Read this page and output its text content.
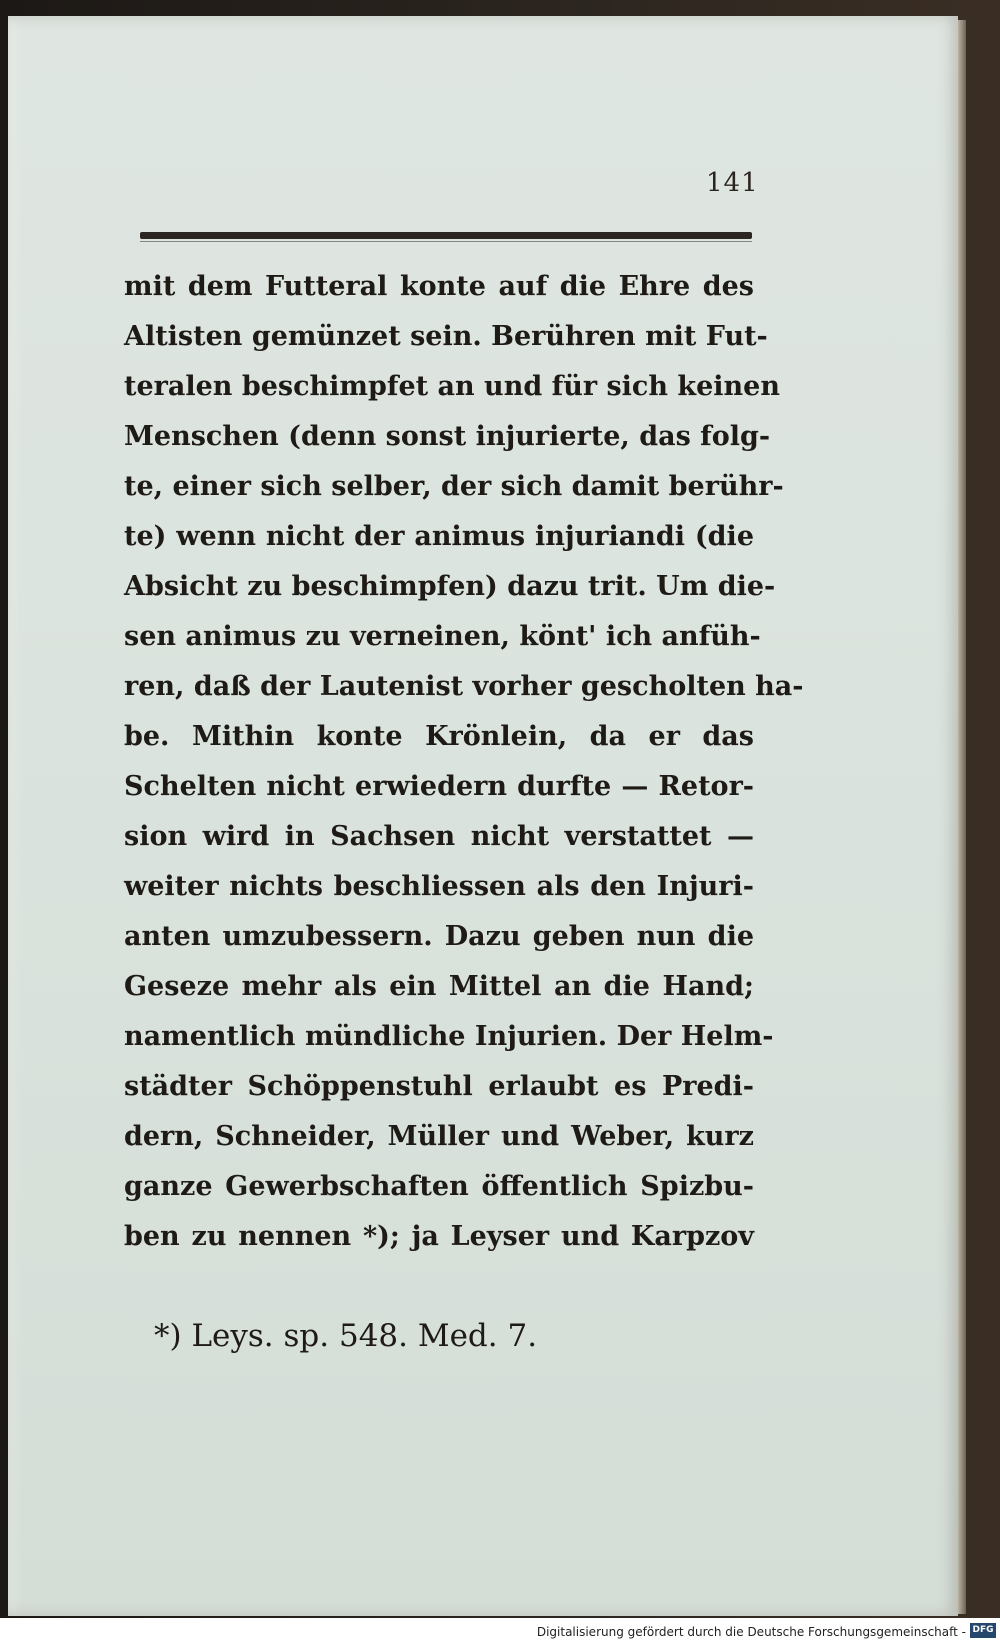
141
mit dem Futteral konte auf die Ehre des
Altisten gemünzet sein. Berühren mit Fut-
teralen beschimpfet an und für sich keinen
Menschen (denn sonst injurierte, das folg-
te, einer sich selber, der sich damit berühr-
te) wenn nicht der animus injuriandi (die
Absicht zu beschimpfen) dazu trit. Um die-
sen animus zu verneinen, könt' ich anfüh-
ren, daß der Lautenist vorher gescholten ha-
be. Mithin konte Krönlein, da er das
Schelten nicht erwiedern durfte — Retor-
sion wird in Sachsen nicht verstattet —
weiter nichts beschliessen als den Injuri-
anten umzubessern. Dazu geben nun die
Geseze mehr als ein Mittel an die Hand;
namentlich mündliche Injurien. Der Helm-
städter Schöppenstuhl erlaubt es Predi-
dern, Schneider, Müller und Weber, kurz
ganze Gewerbschaften öffentlich Spizbu-
ben zu nennen *); ja Leyser und Karpzov
*) Leys. sp. 548. Med. 7.
Digitalisierung gefördert durch die Deutsche Forschungsgemeinschaft - DFG
